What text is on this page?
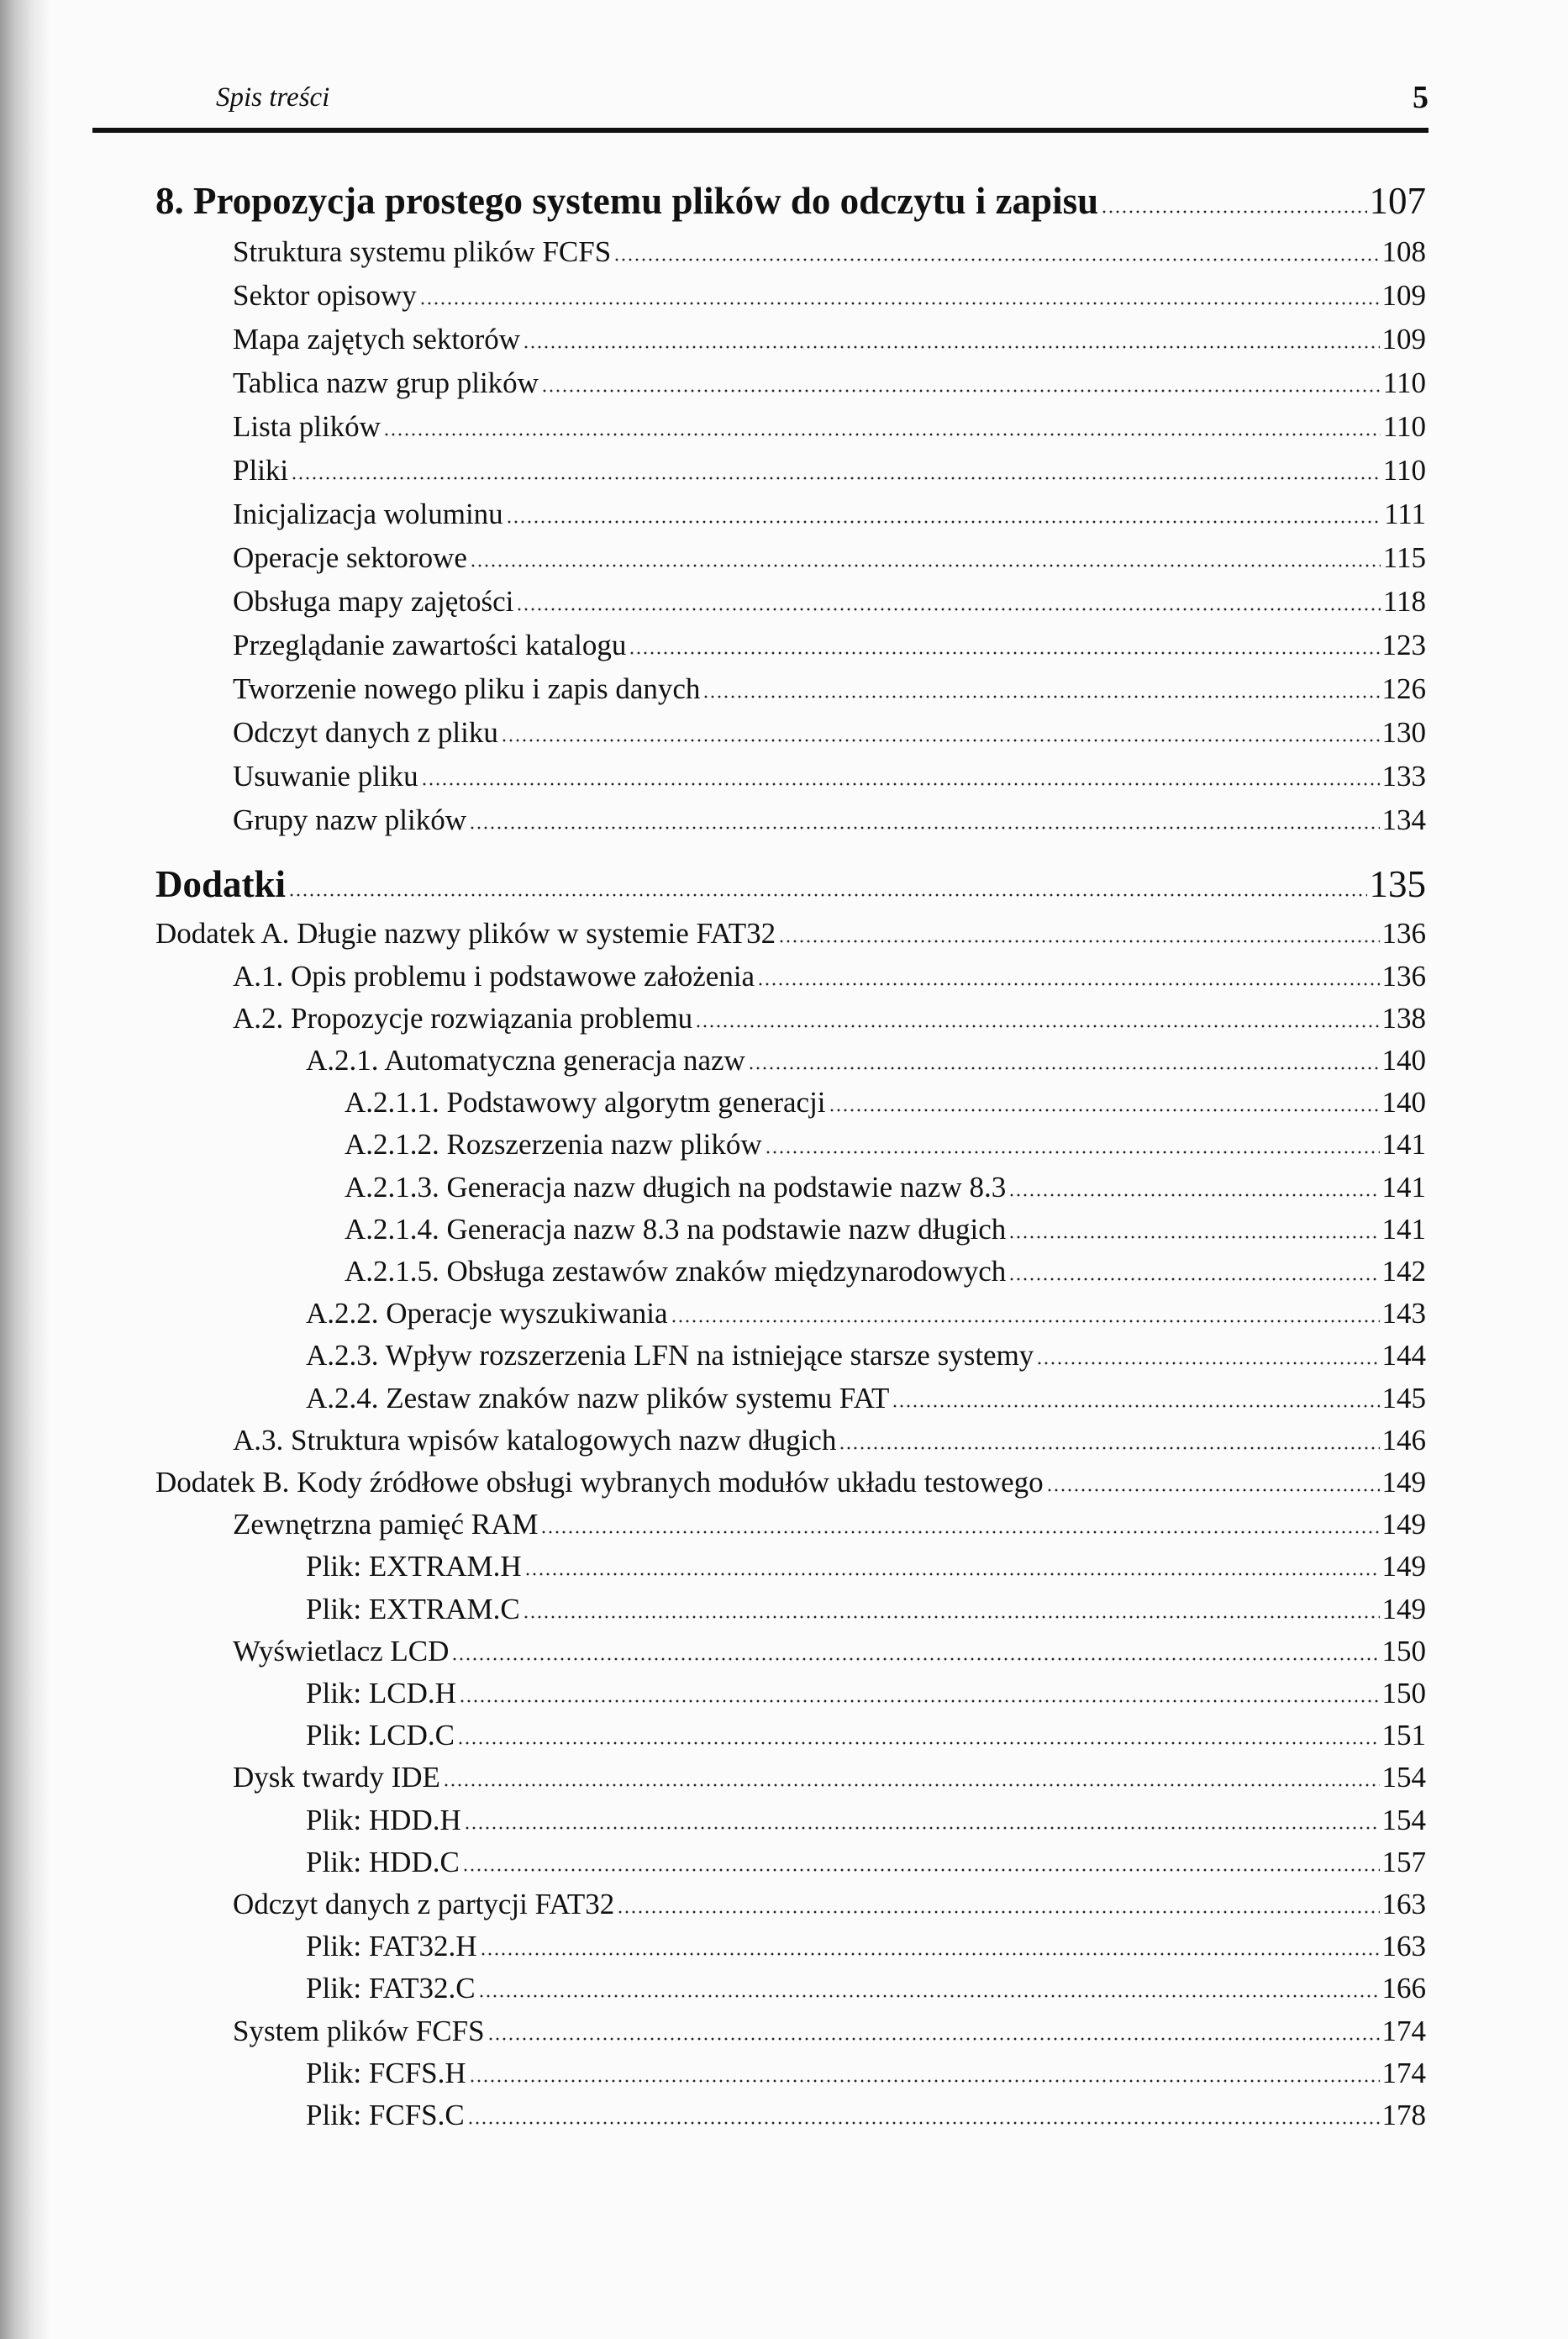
Spis treści	5
8. Propozycja prostego systemu plików do odczytu i zapisu	107
Struktura systemu plików FCFS	108
Sektor opisowy	109
Mapa zajętych sektorów	109
Tablica nazw grup plików	110
Lista plików	110
Pliki	110
Inicjalizacja woluminu	111
Operacje sektorowe	115
Obsługa mapy zajętości	118
Przeglądanie zawartości katalogu	123
Tworzenie nowego pliku i zapis danych	126
Odczyt danych z pliku	130
Usuwanie pliku	133
Grupy nazw plików	134
Dodatki	135
Dodatek A. Długie nazwy plików w systemie FAT32	136
A.1. Opis problemu i podstawowe założenia	136
A.2. Propozycje rozwiązania problemu	138
A.2.1. Automatyczna generacja nazw	140
A.2.1.1. Podstawowy algorytm generacji	140
A.2.1.2. Rozszerzenia nazw plików	141
A.2.1.3. Generacja nazw długich na podstawie nazw 8.3	141
A.2.1.4. Generacja nazw 8.3 na podstawie nazw długich	141
A.2.1.5. Obsługa zestawów znaków międzynarodowych	142
A.2.2. Operacje wyszukiwania	143
A.2.3. Wpływ rozszerzenia LFN na istniejące starsze systemy	144
A.2.4. Zestaw znaków nazw plików systemu FAT	145
A.3. Struktura wpisów katalogowych nazw długich	146
Dodatek B. Kody źródłowe obsługi wybranych modułów układu testowego	149
Zewnętrzna pamięć RAM	149
Plik: EXTRAM.H	149
Plik: EXTRAM.C	149
Wyświetlacz LCD	150
Plik: LCD.H	150
Plik: LCD.C	151
Dysk twardy IDE	154
Plik: HDD.H	154
Plik: HDD.C	157
Odczyt danych z partycji FAT32	163
Plik: FAT32.H	163
Plik: FAT32.C	166
System plików FCFS	174
Plik: FCFS.H	174
Plik: FCFS.C	178
